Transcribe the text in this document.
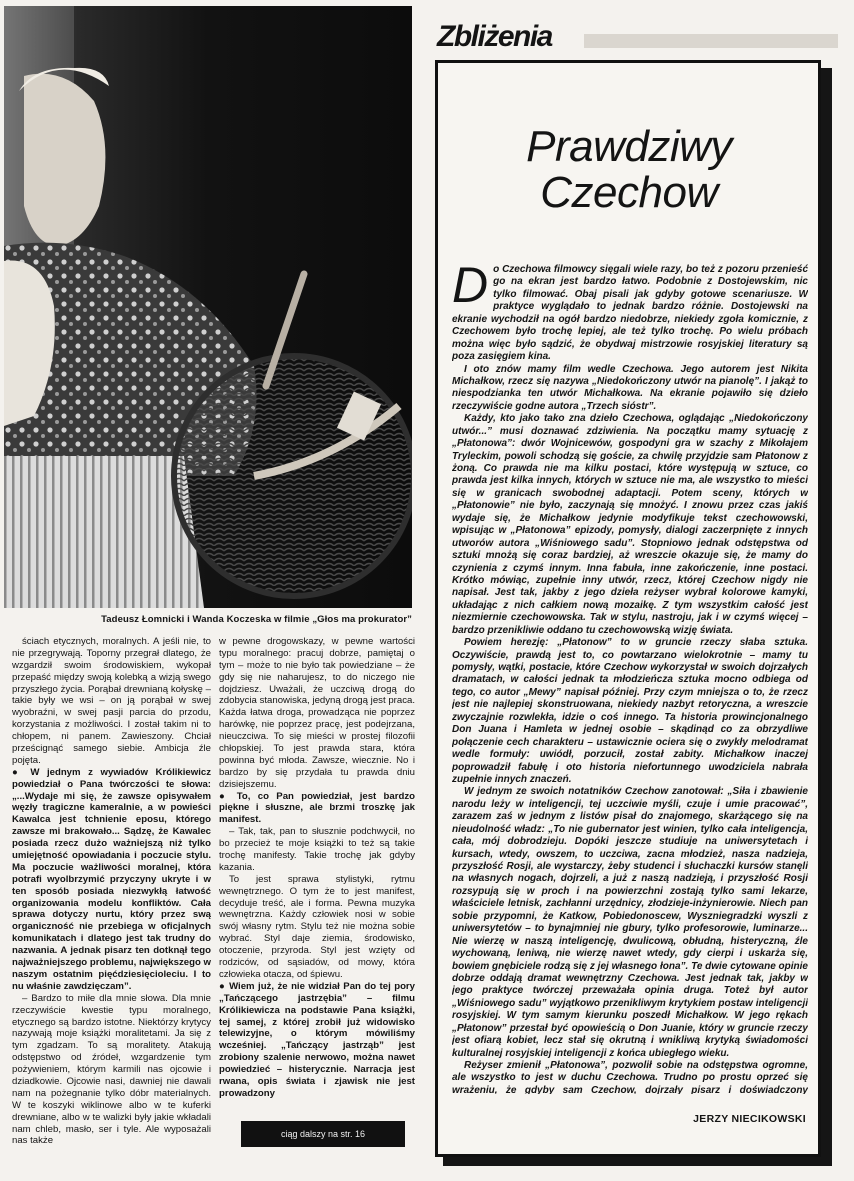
Tadeusz Łomnicki i Wanda Koczeska w filmie „Głos ma prokurator”

ściach etycznych, moralnych. A jeśli nie, to nie przegrywają. Toporny przegrał dlatego, że wzgardził swoim środowiskiem, wykopał przepaść między swoją kolebką a wizją swego przyszłego życia. Porąbał drewnianą kołyskę – takie były we wsi – on ją porąbał w swej wyobraźni, w swej pasji parcia do przodu, korzystania z możliwości. I został takim ni to chłopem, ni panem. Zawieszony. Chciał prześcignąć samego siebie. Ambicja źle pojęta.

● W jednym z wywiadów Królikiewicz powiedział o Pana twórczości te słowa: „...Wydaje mi się, że zawsze opisywałem węzły tragiczne kameralnie, a w powieści Kawalca jest tchnienie eposu, którego zawsze mi brakowało... Sądzę, że Kawalec posiada rzecz dużo ważniejszą niż tylko umiejętność opowiadania i poczucie stylu. Ma poczucie ważliwości moralnej, która potrafi wyolbrzymić przyczyny ukryte i w ten sposób posiada niezwykłą łatwość organizowania modelu konfliktów. Cała sprawa dotyczy nurtu, który przez swą organiczność nie przebiega w oficjalnych komunikatach i dlatego jest tak trudny do nazwania. A jednak pisarz ten dotknął tego najważniejszego problemu, największego w naszym ostatnim pięćdziesięcioleciu. I to nu właśnie zawdzięczam”.

– Bardzo to miłe dla mnie słowa. Dla mnie rzeczywiście kwestie typu moralnego, etycznego są bardzo istotne. Niektórzy krytycy nazywają moje książki moralitetami. Ja się z tym zgadzam. To są moralitety. Atakują odstępstwo od źródeł, wzgardzenie tym pożywieniem, którym karmili nas ojcowie i dziadkowie. Ojcowie nasi, dawniej nie dawali nam na pożegnanie tylko dóbr materialnych. W te koszyki wiklinowe albo w te kuferki drewniane, albo w te walizki były jakie wkładali nam chleb, masło, ser i tyle. Ale wyposażali nas także

w pewne drogowskazy, w pewne wartości typu moralnego: pracuj dobrze, pamiętaj o tym – może to nie było tak powiedziane – że gdy się nie naharujesz, to do niczego nie dojdziesz. Uważali, że uczciwą drogą do zdobycia stanowiska, jedyną drogą jest praca. Każda łatwa droga, prowadząca nie poprzez harówkę, nie poprzez pracę, jest podejrzana, nieuczciwa. To się mieści w prostej filozofii chłopskiej. To jest prawda stara, która powinna być młoda. Zawsze, wiecznie. No i bardzo by się przydała tu prawda dniu dzisiejszemu.

● To, co Pan powiedział, jest bardzo piękne i słuszne, ale brzmi troszkę jak manifest.

– Tak, tak, pan to słusznie podchwycił, no bo przecież te moje książki to też są takie trochę manifesty. Takie trochę jak gdyby kazania.

To jest sprawa stylistyki, rytmu wewnętrznego. O tym że to jest manifest, decyduje treść, ale i forma. Pewna muzyka wewnętrzna. Każdy człowiek nosi w sobie swój własny rytm. Stylu też nie można sobie wybrać. Styl daje ziemia, środowisko, otoczenie, przyroda. Styl jest wzięty od rodziców, od sąsiadów, od mowy, która człowieka otacza, od śpiewu.

● Wiem już, że nie widział Pan do tej pory „Tańczącego jastrzębia” – filmu Królikiewicza na podstawie Pana książki, tej samej, z której zrobił już widowisko telewizyjne, o którym mówiliśmy wcześniej. „Tańczący jastrząb” jest zrobiony szalenie nerwowo, można nawet powiedzieć – histerycznie. Narracja jest rwana, opis świata i zjawisk nie jest prowadzony

ciąg dalszy na str. 16
Zbliżenia
Prawdziwy
Czechow

Do Czechowa filmowcy sięgali wiele razy, bo też z pozoru przenieść go na ekran jest bardzo łatwo. Podobnie z Dostojewskim, nic tylko filmować. Obaj pisali jak gdyby gotowe scenariusze. W praktyce wyglądało to jednak bardzo różnie. Dostojewski na ekranie wychodził na ogół bardzo niedobrze, niekiedy zgoła komicznie, z Czechowem było trochę lepiej, ale też tylko trochę. Po wielu próbach można więc było sądzić, że obydwaj mistrzowie rosyjskiej literatury są poza zasięgiem kina.

I oto znów mamy film wedle Czechowa. Jego autorem jest Nikita Michałkow, rzecz się nazywa „Niedokończony utwór na pianolę”. I jakąż to niespodzianka ten utwór Michałkowa. Na ekranie pojawiło się dzieło rzeczywiście godne autora „Trzech sióstr”.

Każdy, kto jako tako zna dzieło Czechowa, oglądając „Niedokończony utwór...” musi doznawać zdziwienia. Na początku mamy sytuację z „Płatonowa”: dwór Wojnicewów, gospodyni gra w szachy z Mikołajem Tryleckim, powoli schodzą się goście, za chwilę przyjdzie sam Płatonow z żoną. Co prawda nie ma kilku postaci, które występują w sztuce, co prawda jest kilka innych, których w sztuce nie ma, ale wszystko to mieści się w granicach swobodnej adaptacji. Potem sceny, których w „Płatonowie” nie było, zaczynają się mnożyć. I znowu przez czas jakiś wydaje się, że Michałkow jedynie modyfikuje tekst czechowowski, wpisując w „Płatonowa” epizody, pomysły, dialogi zaczerpnięte z innych utworów autora „Wiśniowego sadu”. Stopniowo jednak odstępstwa od sztuki mnożą się coraz bardziej, aż wreszcie okazuje się, że mamy do czynienia z czymś innym. Inna fabuła, inne zakończenie, inne postaci. Krótko mówiąc, zupełnie inny utwór, rzecz, której Czechow nigdy nie napisał. Jest tak, jakby z jego dzieła reżyser wybrał kolorowe kamyki, układając z nich całkiem nową mozaikę. Z tym wszystkim całość jest niezmiernie czechowowska. Tak w stylu, nastroju, jak i w czymś więcej – bardzo przenikliwie oddano tu czechowowską wizję świata.

Powiem herezję: „Płatonow” to w gruncie rzeczy słaba sztuka. Oczywiście, prawdą jest to, co powtarzano wielokrotnie – mamy tu pomysły, wątki, postacie, które Czechow wykorzystał w swoich dojrzałych dramatach, w całości jednak ta młodzieńcza sztuka mocno odbiega od tego, co autor „Mewy” napisał później. Przy czym mniejsza o to, że rzecz jest nie najlepiej skonstruowana, niekiedy nazbyt retoryczna, a wreszcie zwyczajnie rozwlekła, idzie o coś innego. Ta historia prowincjonalnego Don Juana i Hamleta w jednej osobie – skądinąd co za obrzydliwe połączenie cech charakteru – ustawicznie ociera się o zwykły melodramat wedle formuły: uwiódł, porzucił, został zabity. Michałkow inaczej poprowadził fabułę i oto historia niefortunnego uwodziciela nabrała zupełnie innych znaczeń.

W jednym ze swoich notatników Czechow zanotował: „Siła i zbawienie narodu leży w inteligencji, tej uczciwie myśli, czuje i umie pracować”, zarazem zaś w jednym z listów pisał do znajomego, skarżącego się na nieudolność władz: „To nie gubernator jest winien, tylko cała inteligencja, cała, mój dobrodzieju. Dopóki jeszcze studiuje na uniwersytetach i kursach, wtedy, owszem, to uczciwa, zacna młodzież, nasza nadzieja, przyszłość Rosji, ale wystarczy, żeby studenci i słuchaczki kursów stanęli na własnych nogach, dojrzeli, a już z naszą nadzieją, i przyszłość Rosji rozsypują się w proch i na powierzchni zostają tylko sami lekarze, właściciele letnisk, zachłanni urzędnicy, złodzieje-inżynierowie. Niech pan sobie przypomni, że Katkow, Pobiedonoscew, Wyszniegradzki wyszli z uniwersytetów – to bynajmniej nie gbury, tylko profesorowie, luminarze... Nie wierzę w naszą inteligencję, dwulicową, obłudną, histeryczną, źle wychowaną, leniwą, nie wierzę nawet wtedy, gdy cierpi i uskarża się, bowiem gnębiciele rodzą się z jej własnego łona”. Te dwie cytowane opinie dobrze oddają dramat wewnętrzny Czechowa. Jest jednak tak, jakby w jego praktyce twórczej przeważała opinia druga. Toteż był autor „Wiśniowego sadu” wyjątkowo przenikliwym krytykiem postaw inteligencji rosyjskiej. W tym samym kierunku poszedł Michałkow. W jego rękach „Płatonow” przestał być opowieścią o Don Juanie, który w gruncie rzeczy jest ofiarą kobiet, lecz stał się okrutną i wnikliwą krytyką świadomości kulturalnej rosyjskiej inteligencji z końca ubiegłego wieku.

Reżyser zmienił „Płatonowa”, pozwolił sobie na odstępstwa ogromne, ale wszystko to jest w duchu Czechowa. Trudno po prostu oprzeć się wrażeniu, że gdyby sam Czechow, dojrzały pisarz i doświadczony

JERZY NIECIKOWSKI
